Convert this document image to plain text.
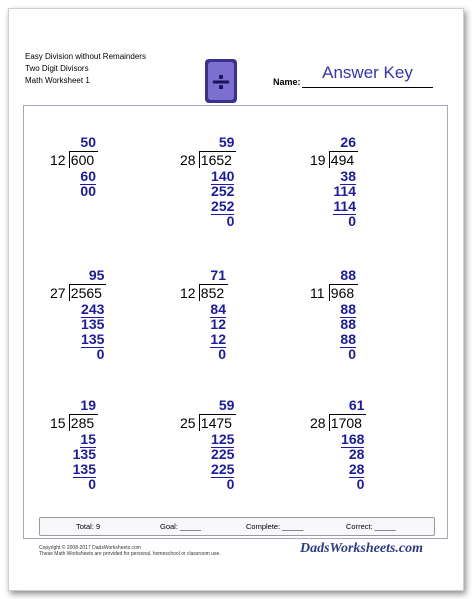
Easy Division without Remainders
Two Digit Divisors
Math Worksheet 1	÷	Name:	Answer Key
50
12 600
60
00
59
28 1652
140
252
252
0
26
19 494
38
114
114
0
95
27 2565
243
135
135
0
71
12 852
84
12
12
0
88
11 968
88
88
88
0
19
15 285
15
135
135
0
59
25 1475
125
225
225
0
61
28 1708
168
28
28
0
Total: 9	Goal: _____	Complete: _____	Correct: _____
Copyright © 2008-2017 DadsWorksheets.com
These Math Worksheets are provided for personal, homeschool or classroom use.	DadsWorksheets.com
